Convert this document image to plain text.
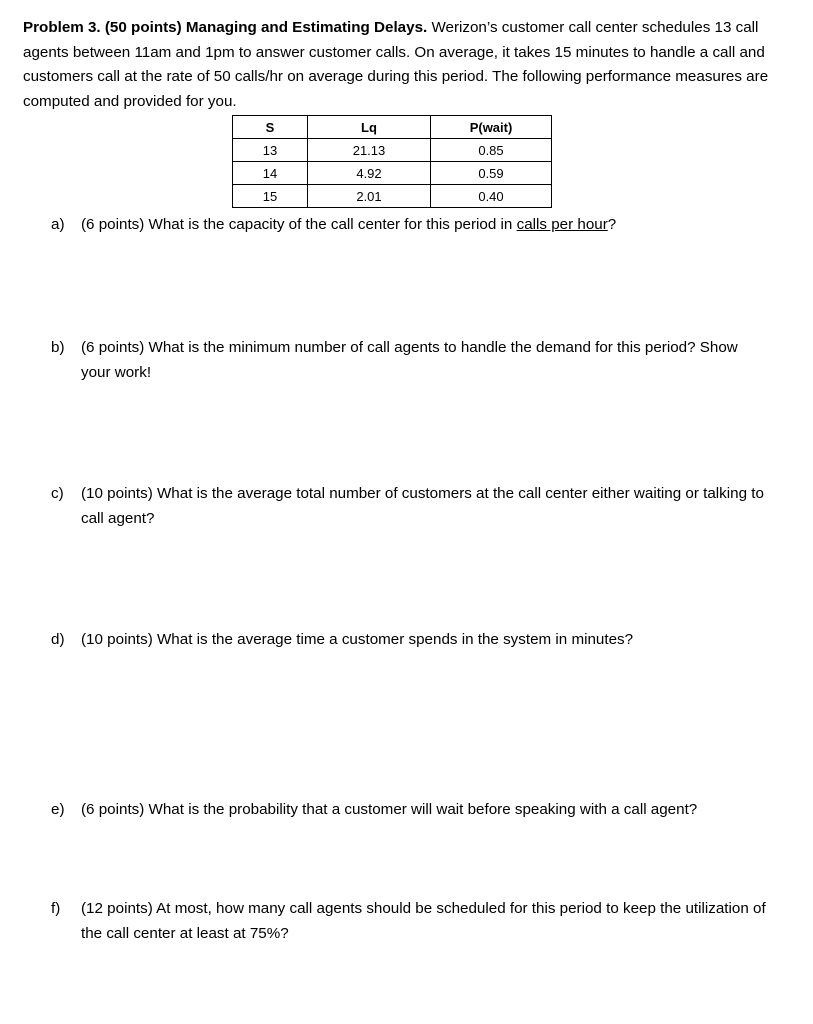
Problem 3. (50 points) Managing and Estimating Delays. Werizon’s customer call center schedules 13 call agents between 11am and 1pm to answer customer calls. On average, it takes 15 minutes to handle a call and customers call at the rate of 50 calls/hr on average during this period. The following performance measures are computed and provided for you.

S	Lq	P(wait)
13	21.13	0.85
14	4.92	0.59
15	2.01	0.40
a)	(6 points) What is the capacity of the call center for this period in calls per hour?
b)	(6 points) What is the minimum number of call agents to handle the demand for this period? Show your work!
c)	(10 points) What is the average total number of customers at the call center either waiting or talking to call agent?
d)	(10 points) What is the average time a customer spends in the system in minutes?
e)	(6 points) What is the probability that a customer will wait before speaking with a call agent?
f)	(12 points) At most, how many call agents should be scheduled for this period to keep the utilization of the call center at least at 75%?
